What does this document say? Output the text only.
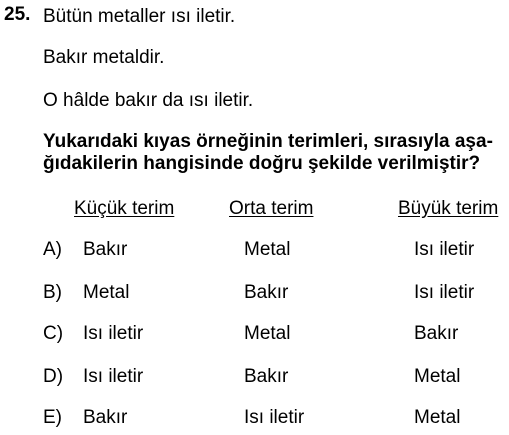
25. Bütün metaller ısı iletir.
Bakır metaldir.
O hâlde bakır da ısı iletir.
Yukarıdaki kıyas örneğinin terimleri, sırasıyla aşa-
ğıdakilerin hangisinde doğru şekilde verilmiştir?
Küçük terim	Orta terim	Büyük terim
A) Bakır	Metal	Isı iletir
B) Metal	Bakır	Isı iletir
C) Isı iletir	Metal	Bakır
D) Isı iletir	Bakır	Metal
E) Bakır	Isı iletir	Metal
